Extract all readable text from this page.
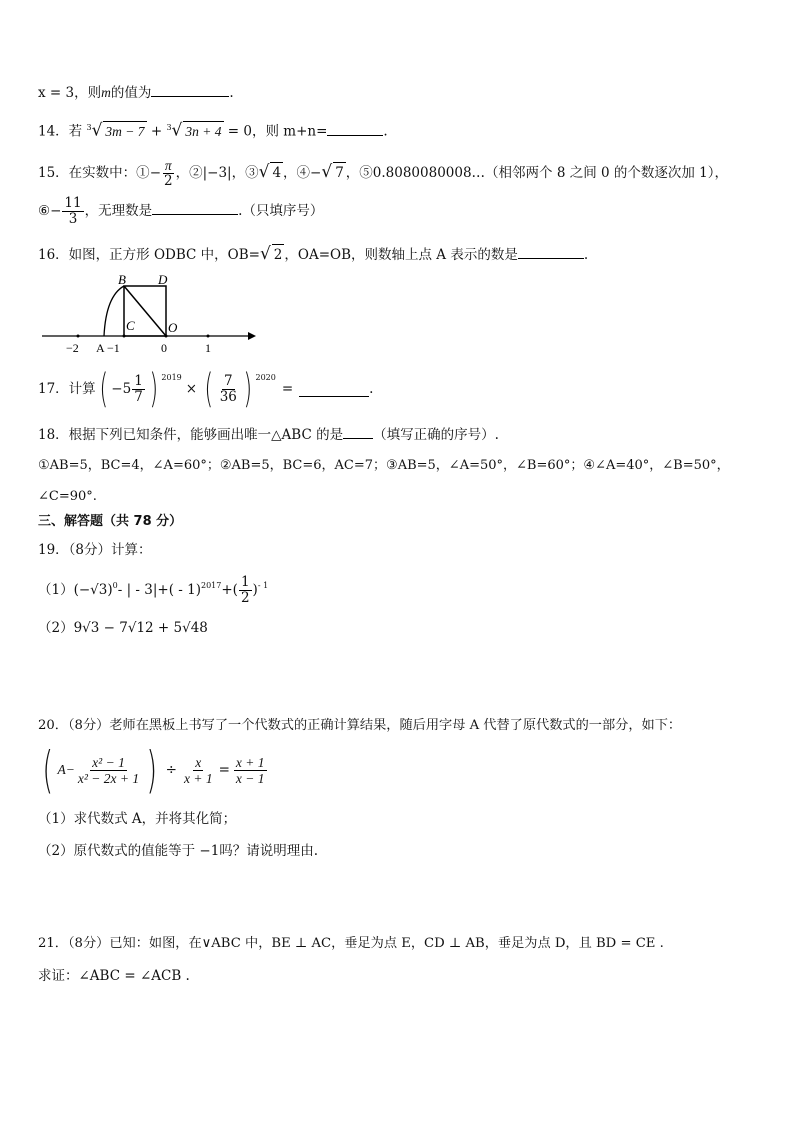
x = 3，则m的值为	.
14．若 $^3$√ 3m − 7 + $^3$√ 3n + 4 = 0，则 m+n=	.
15．在实数中：①− $\frac{\pi}{2}$ ，②|−3|，③√ 4 ，④−√ 7 ，⑤0.8080080008…（相邻两个 8 之间 0 的个数逐次加 1），
⑥− $\frac{11}{3}$ ，无理数是	.（只填序号）
16．如图，正方形 ODBC 中，OB=√ 2 ，OA=OB，则数轴上点 A 表示的数是	.
B D
C	O
−2 A −1	0	1
17．计算 ( $-5 \frac{1}{7}$ ) $^{2019}$
× ( $\frac{7}{36}$ ) $^{2020}$
=	.
18．根据下列已知条件，能够画出唯一△ABC 的是 （填写正确的序号）.
①AB=5，BC=4，∠A=60°；②AB=5，BC=6，AC=7；③AB=5，∠A=50°，∠B=60°；④∠A=40°，∠B=50°，
∠C=90°.
三、解答题（共 78 分）
19．（8分）计算：
$(1)(-√3)^0$ - | - 3|+( - 1)$^{2017}$ +( $\frac{1}{2} )^{- 1}$
（2）9√3 − 7√12 + 5√48
20．（8分）老师在黑板上书写了一个代数式的正确计算结果，随后用字母 A 代替了原代数式的一部分，如下：
( $A- \frac{\text{x² − 1}}{\text{x² − 2x + 1}}$ ) ÷ $\frac{x}{x + 1} = \frac{x + 1}{x - 1}$
（1）求代数式 A，并将其化简；
（2）原代数式的值能等于 −1吗？请说明理由.
21．（8分）已知：如图，在∨ABC 中，BE ⊥ AC，垂足为点 E，CD ⊥ AB，垂足为点 D，且 BD = CE .
求证：∠ABC = ∠ACB .
